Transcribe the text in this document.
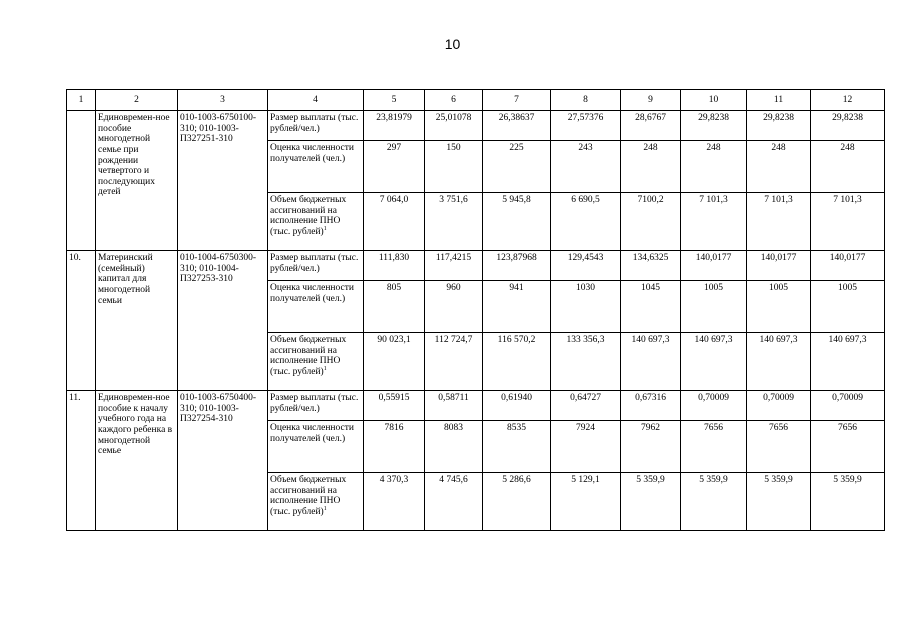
10
1	2	3	4	5	6	7	8	9	10	11	12
	Единовремен-ное пособие многодетной семье при рождении четвертого и последующих детей	010-1003-6750100-310; 010-1003-П327251-310	Размер выплаты (тыс. рублей/чел.)	23,81979	25,01078	26,38637	27,57376	28,6767	29,8238	29,8238	29,8238
			Оценка численности получателей (чел.)	297	150	225	243	248	248	248	248
			Объем бюджетных ассигнований на исполнение ПНО (тыс. рублей)$^1$	7 064,0	3 751,6	5 945,8	6 690,5	7100,2	7 101,3	7 101,3	7 101,3
10.	Материнский (семейный) капитал для многодетной семьи	010-1004-6750300-310; 010-1004-П327253-310	Размер выплаты (тыс. рублей/чел.)	111,830	117,4215	123,87968	129,4543	134,6325	140,0177	140,0177	140,0177
			Оценка численности получателей (чел.)	805	960	941	1030	1045	1005	1005	1005
			Объем бюджетных ассигнований на исполнение ПНО (тыс. рублей)$^1$	90 023,1	112 724,7	116 570,2	133 356,3	140 697,3	140 697,3	140 697,3	140 697,3
11.	Единовремен-ное пособие к началу учебного года на каждого ребенка в многодетной семье	010-1003-6750400-310; 010-1003-П327254-310	Размер выплаты (тыс. рублей/чел.)	0,55915	0,58711	0,61940	0,64727	0,67316	0,70009	0,70009	0,70009
			Оценка численности получателей (чел.)	7816	8083	8535	7924	7962	7656	7656	7656
			Объем бюджетных ассигнований на исполнение ПНО (тыс. рублей)$^1$	4 370,3	4 745,6	5 286,6	5 129,1	5 359,9	5 359,9	5 359,9	5 359,9
